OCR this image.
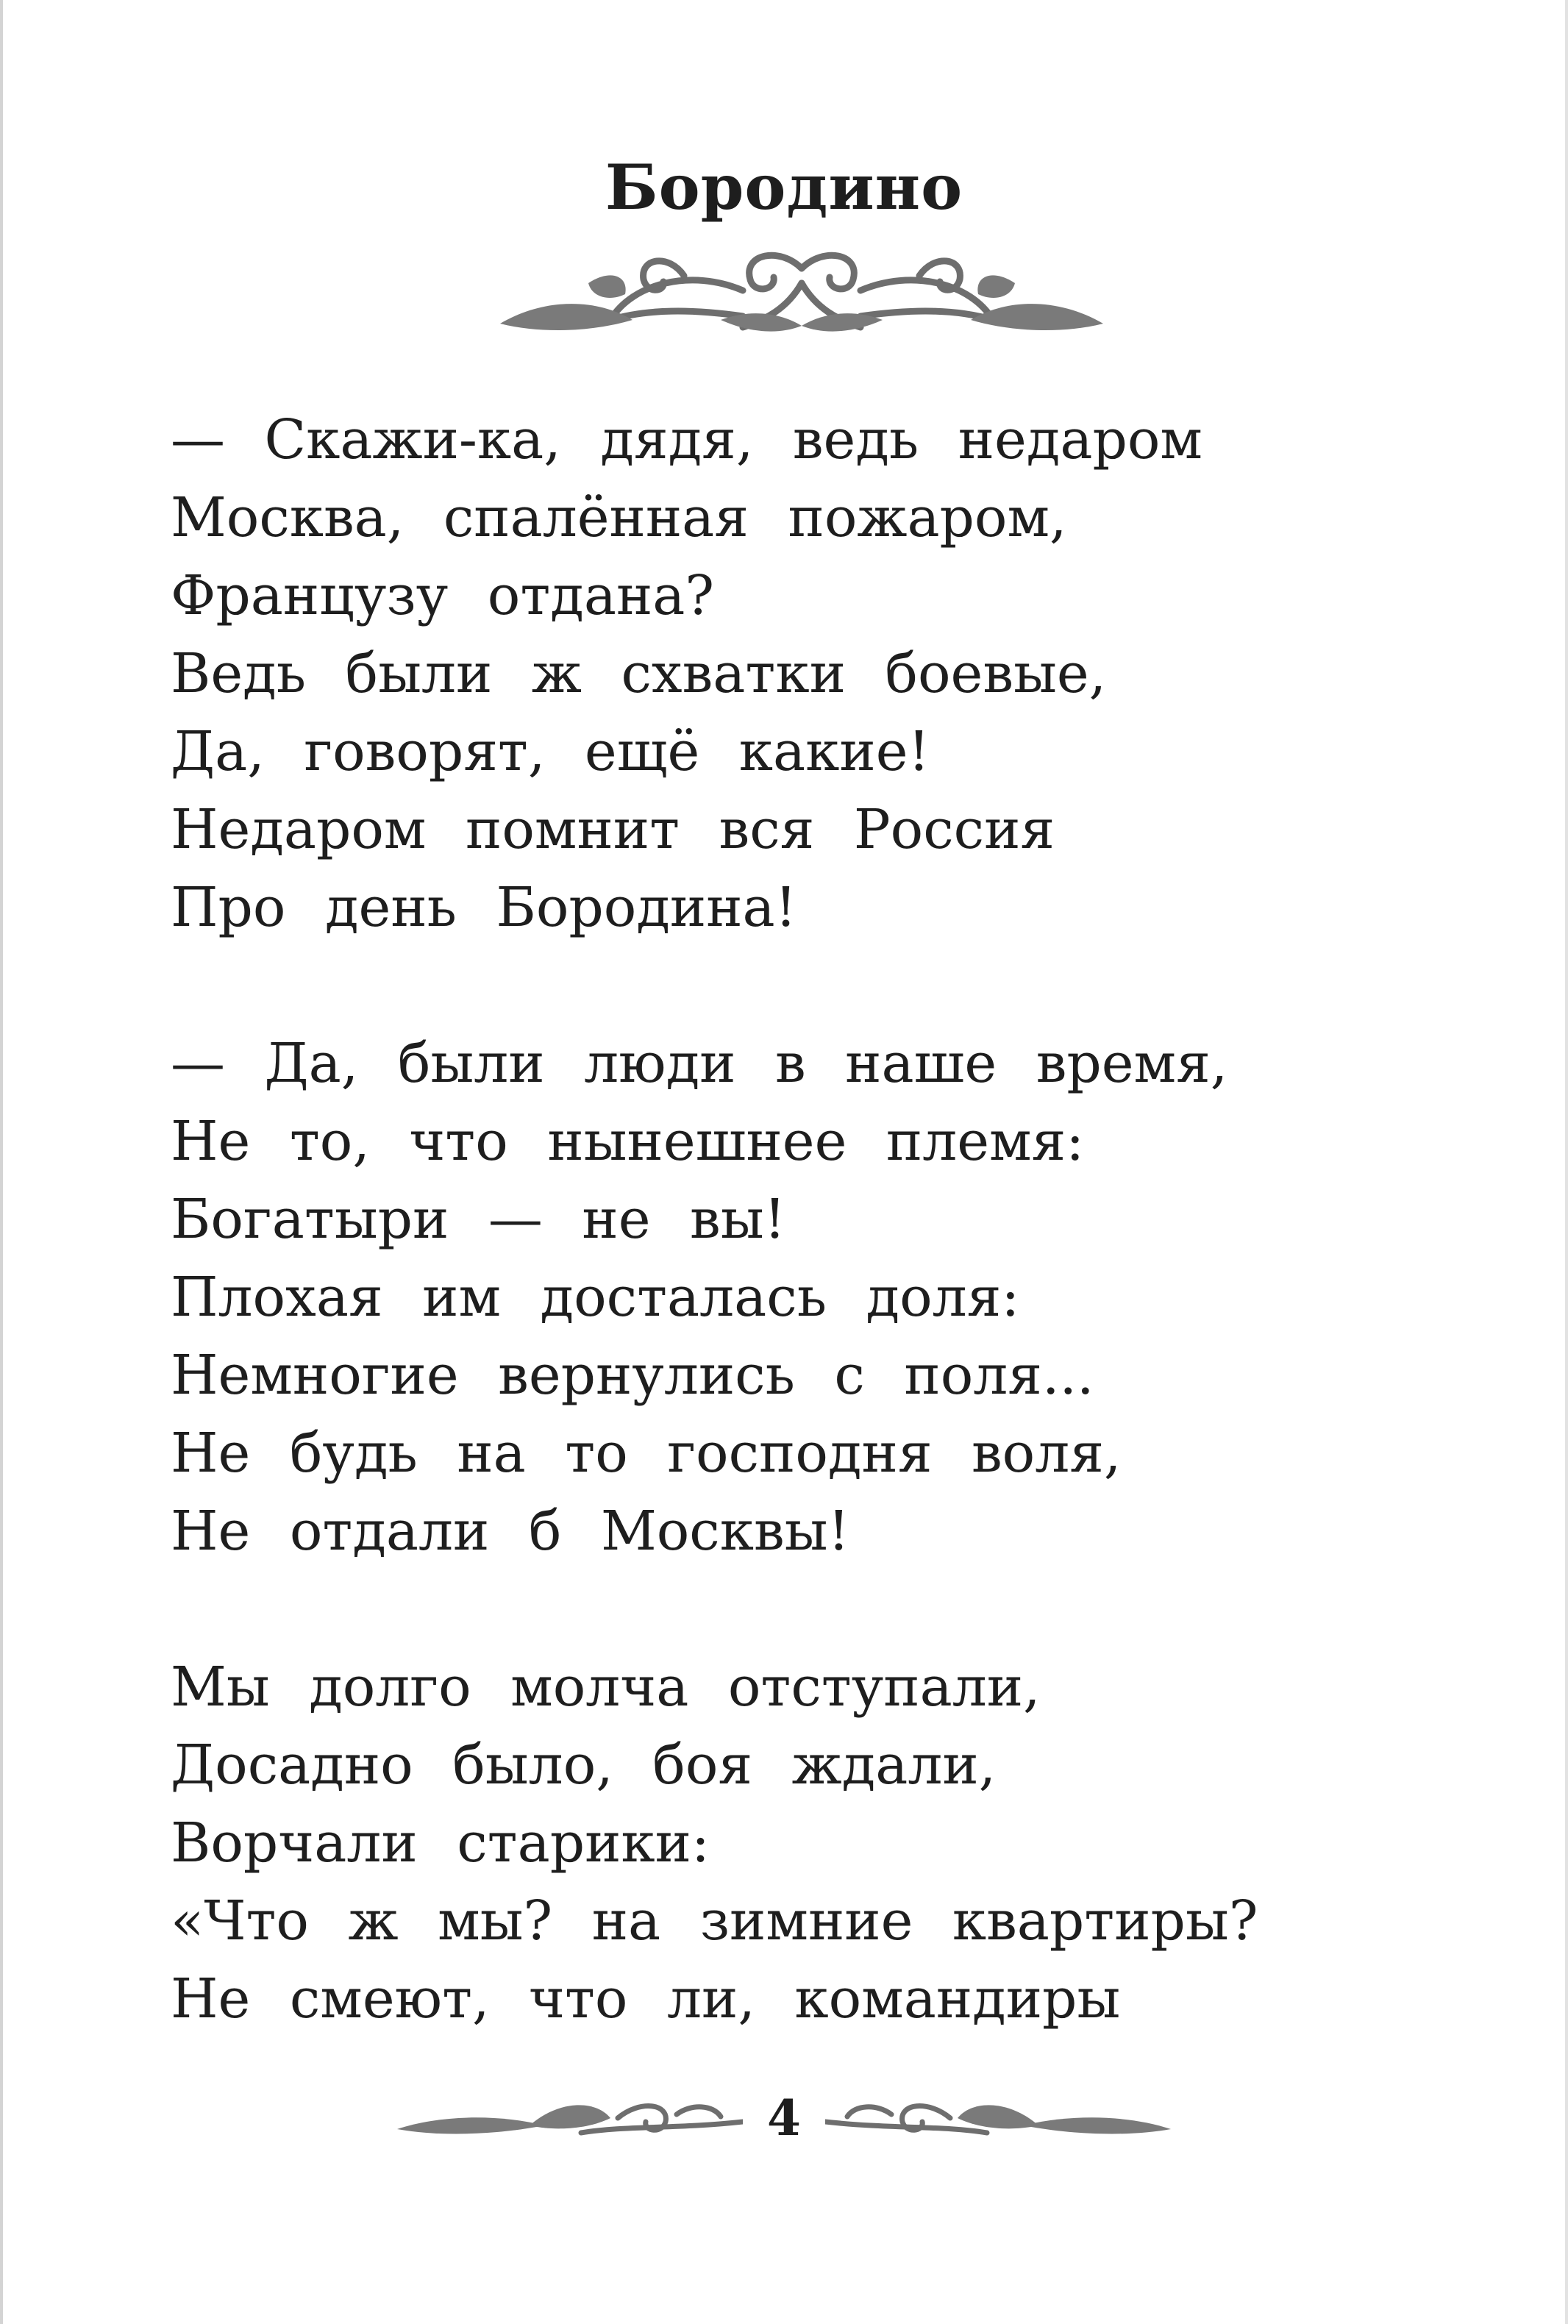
Бородино
— Скажи-ка, дядя, ведь недаром
Москва, спалённая пожаром,
Французу отдана?
Ведь были ж схватки боевые,
Да, говорят, ещё какие!
Недаром помнит вся Россия
Про день Бородина!
— Да, были люди в наше время,
Не то, что нынешнее племя:
Богатыри — не вы!
Плохая им досталась доля:
Немногие вернулись с поля...
Не будь на то господня воля,
Не отдали б Москвы!
Мы долго молча отступали,
Досадно было, боя ждали,
Ворчали старики:
«Что ж мы? на зимние квартиры?
Не смеют, что ли, командиры
4
